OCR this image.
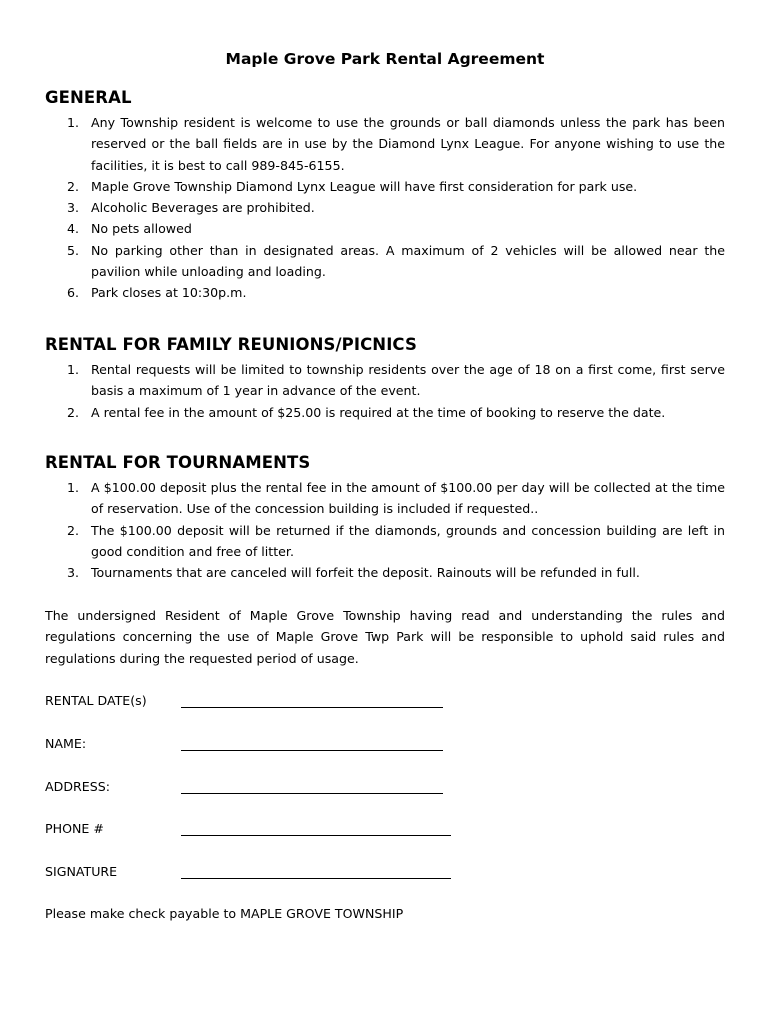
Maple Grove Park Rental Agreement
GENERAL
1. Any Township resident is welcome to use the grounds or ball diamonds unless the park has been reserved or the ball fields are in use by the Diamond Lynx League. For anyone wishing to use the facilities, it is best to call 989-845-6155.
2. Maple Grove Township Diamond Lynx League will have first consideration for park use.
3. Alcoholic Beverages are prohibited.
4. No pets allowed
5. No parking other than in designated areas. A maximum of 2 vehicles will be allowed near the pavilion while unloading and loading.
6. Park closes at 10:30p.m.
RENTAL FOR FAMILY REUNIONS/PICNICS
1. Rental requests will be limited to township residents over the age of 18 on a first come, first serve basis a maximum of 1 year in advance of the event.
2. A rental fee in the amount of $25.00 is required at the time of booking to reserve the date.
RENTAL FOR TOURNAMENTS
1. A $100.00 deposit plus the rental fee in the amount of $100.00 per day will be collected at the time of reservation. Use of the concession building is included if requested..
2. The $100.00 deposit will be returned if the diamonds, grounds and concession building are left in good condition and free of litter.
3. Tournaments that are canceled will forfeit the deposit. Rainouts will be refunded in full.

The undersigned Resident of Maple Grove Township having read and understanding the rules and regulations concerning the use of Maple Grove Twp Park will be responsible to uphold said rules and regulations during the requested period of usage.

RENTAL DATE(s)
NAME:
ADDRESS:
PHONE #
SIGNATURE
Please make check payable to MAPLE GROVE TOWNSHIP
